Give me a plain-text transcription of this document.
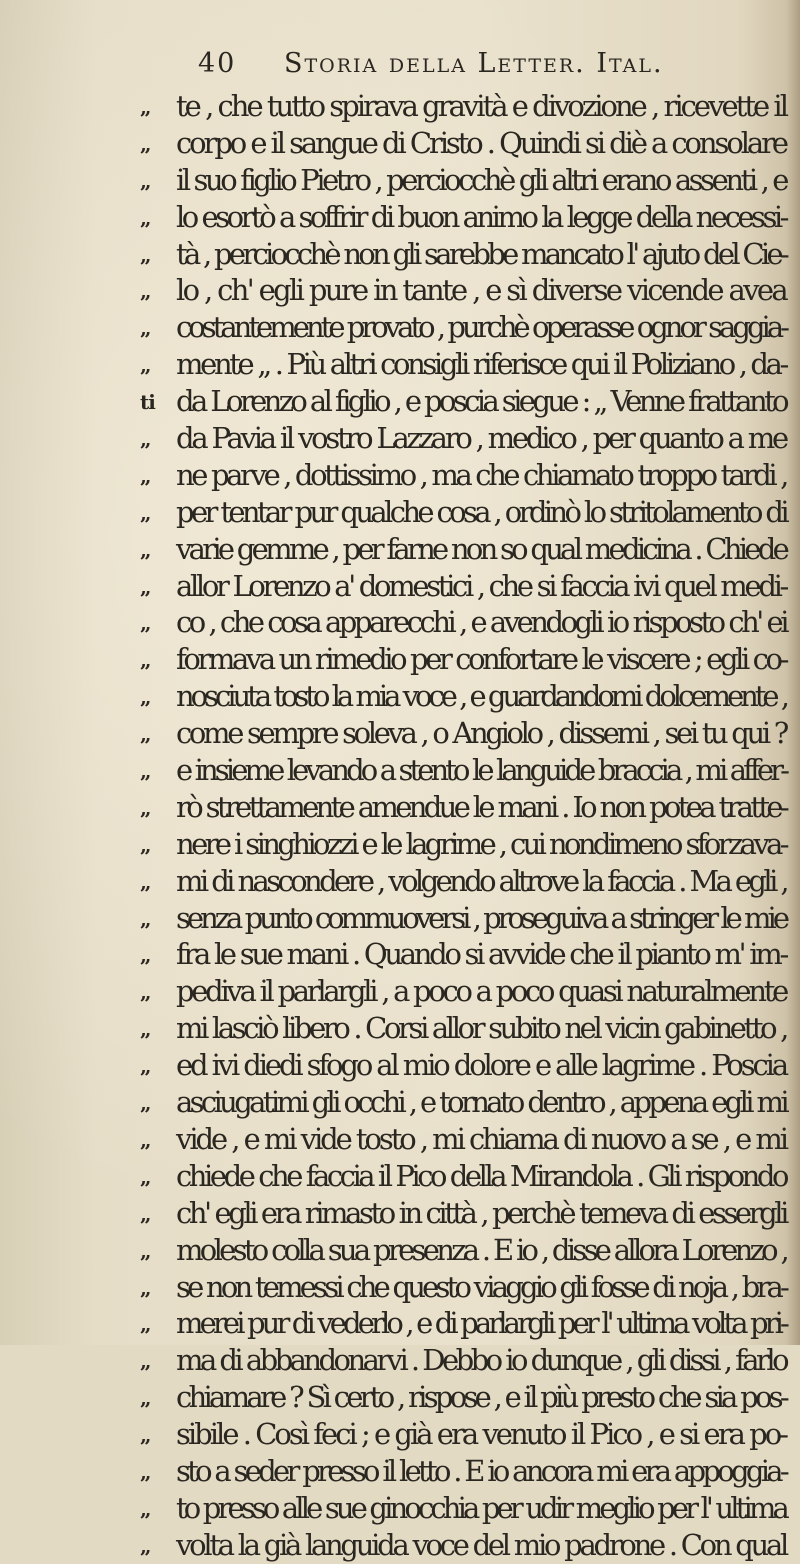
40 Storia della Letter. Ital.
„ te , che tutto spirava gravità e divozione , ricevette il
„ corpo e il sangue di Cristo . Quindi si diè a consolare
„ il suo figlio Pietro , perciocchè gli altri erano assenti , e
„ lo esortò a soffrir di buon animo la legge della necessi-
„ tà , perciocchè non gli sarebbe mancato l' ajuto del Cie-
„ lo , ch' egli pure in tante , e sì diverse vicende avea
„ costantemente provato , purchè operasse ognor saggia-
„ mente „ . Più altri consigli riferisce qui il Poliziano , da-
ti da Lorenzo al figlio , e poscia siegue : „ Venne frattanto
„ da Pavia il vostro Lazzaro , medico , per quanto a me
„ ne parve , dottissimo , ma che chiamato troppo tardi ,
„ per tentar pur qualche cosa , ordinò lo stritolamento di
„ varie gemme , per farne non so qual medicina . Chiede
„ allor Lorenzo a' domestici , che si faccia ivi quel medi-
„ co , che cosa apparecchi , e avendogli io risposto ch' ei
„ formava un rimedio per confortare le viscere ; egli co-
„ nosciuta tosto la mia voce , e guardandomi dolcemente ,
„ come sempre soleva , o Angiolo , dissemi , sei tu qui ?
„ e insieme levando a stento le languide braccia , mi affer-
„ rò strettamente amendue le mani . Io non potea tratte-
„ nere i singhiozzi e le lagrime , cui nondimeno sforzava-
„ mi di nascondere , volgendo altrove la faccia . Ma egli ,
„ senza punto commuoversi , proseguiva a stringer le mie
„ fra le sue mani . Quando si avvide che il pianto m' im-
„ pediva il parlargli , a poco a poco quasi naturalmente
„ mi lasciò libero . Corsi allor subito nel vicin gabinetto ,
„ ed ivi diedi sfogo al mio dolore e alle lagrime . Poscia
„ asciugatimi gli occhi , e tornato dentro , appena egli mi
„ vide , e mi vide tosto , mi chiama di nuovo a se , e mi
„ chiede che faccia il Pico della Mirandola . Gli rispondo
„ ch' egli era rimasto in città , perchè temeva di essergli
„ molesto colla sua presenza . E io , disse allora Lorenzo ,
„ se non temessi che questo viaggio gli fosse di noja , bra-
„ merei pur di vederlo , e di parlargli per l' ultima volta pri-
„ ma di abbandonarvi . Debbo io dunque , gli dissi , farlo
„ chiamare ? Sì certo , rispose , e il più presto che sia pos-
„ sibile . Così feci ; e già era venuto il Pico , e si era po-
„ sto a seder presso il letto . E io ancora mi era appoggia-
„ to presso alle sue ginocchia per udir meglio per l' ultima
„ volta la già languida voce del mio padrone . Con qual
